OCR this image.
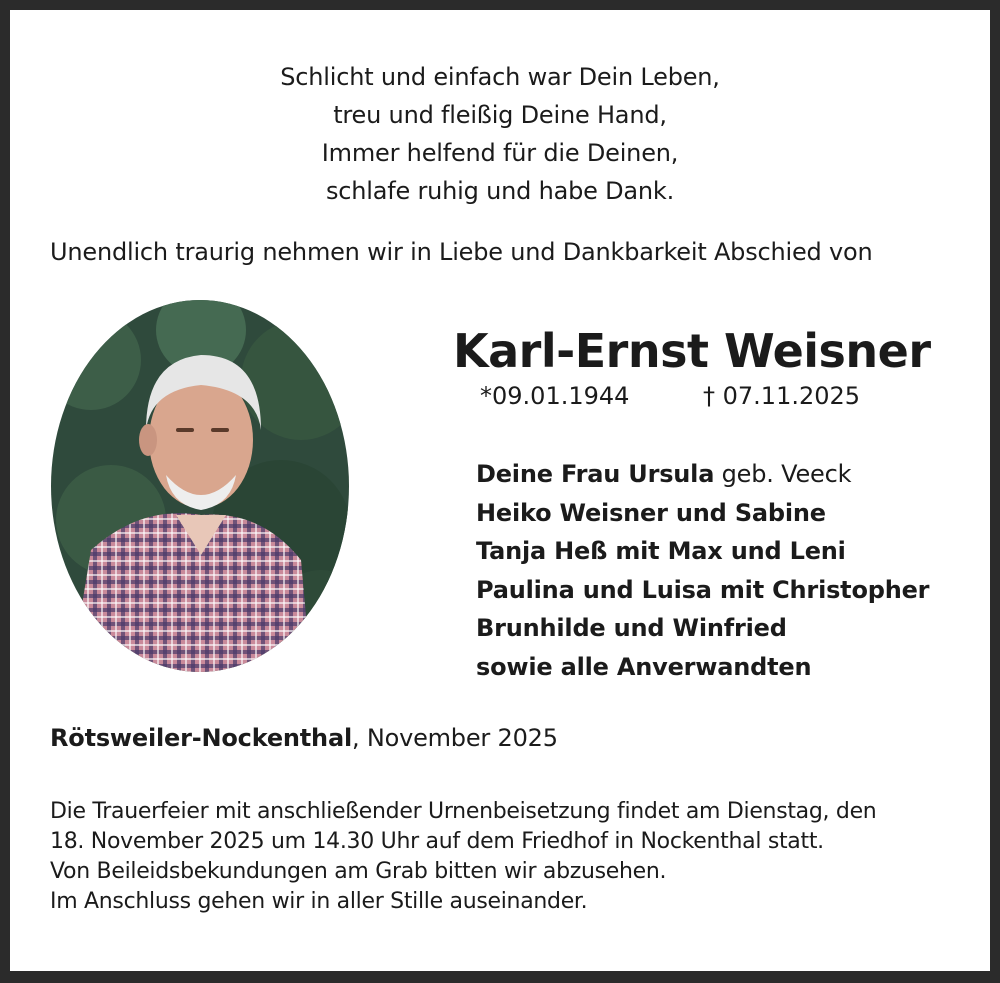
Schlicht und einfach war Dein Leben,
treu und fleißig Deine Hand,
Immer helfend für die Deinen,
schlafe ruhig und habe Dank.
Unendlich traurig nehmen wir in Liebe und Dankbarkeit Abschied von
Karl-Ernst Weisner
*09.01.1944	† 07.11.2025
Deine Frau Ursula geb. Veeck
Heiko Weisner und Sabine
Tanja Heß mit Max und Leni
Paulina und Luisa mit Christopher
Brunhilde und Winfried
sowie alle Anverwandten
Rötsweiler-Nockenthal, November 2025
Die Trauerfeier mit anschließender Urnenbeisetzung findet am Dienstag, den
18. November 2025 um 14.30 Uhr auf dem Friedhof in Nockenthal statt.
Von Beileidsbekundungen am Grab bitten wir abzusehen.
Im Anschluss gehen wir in aller Stille auseinander.
